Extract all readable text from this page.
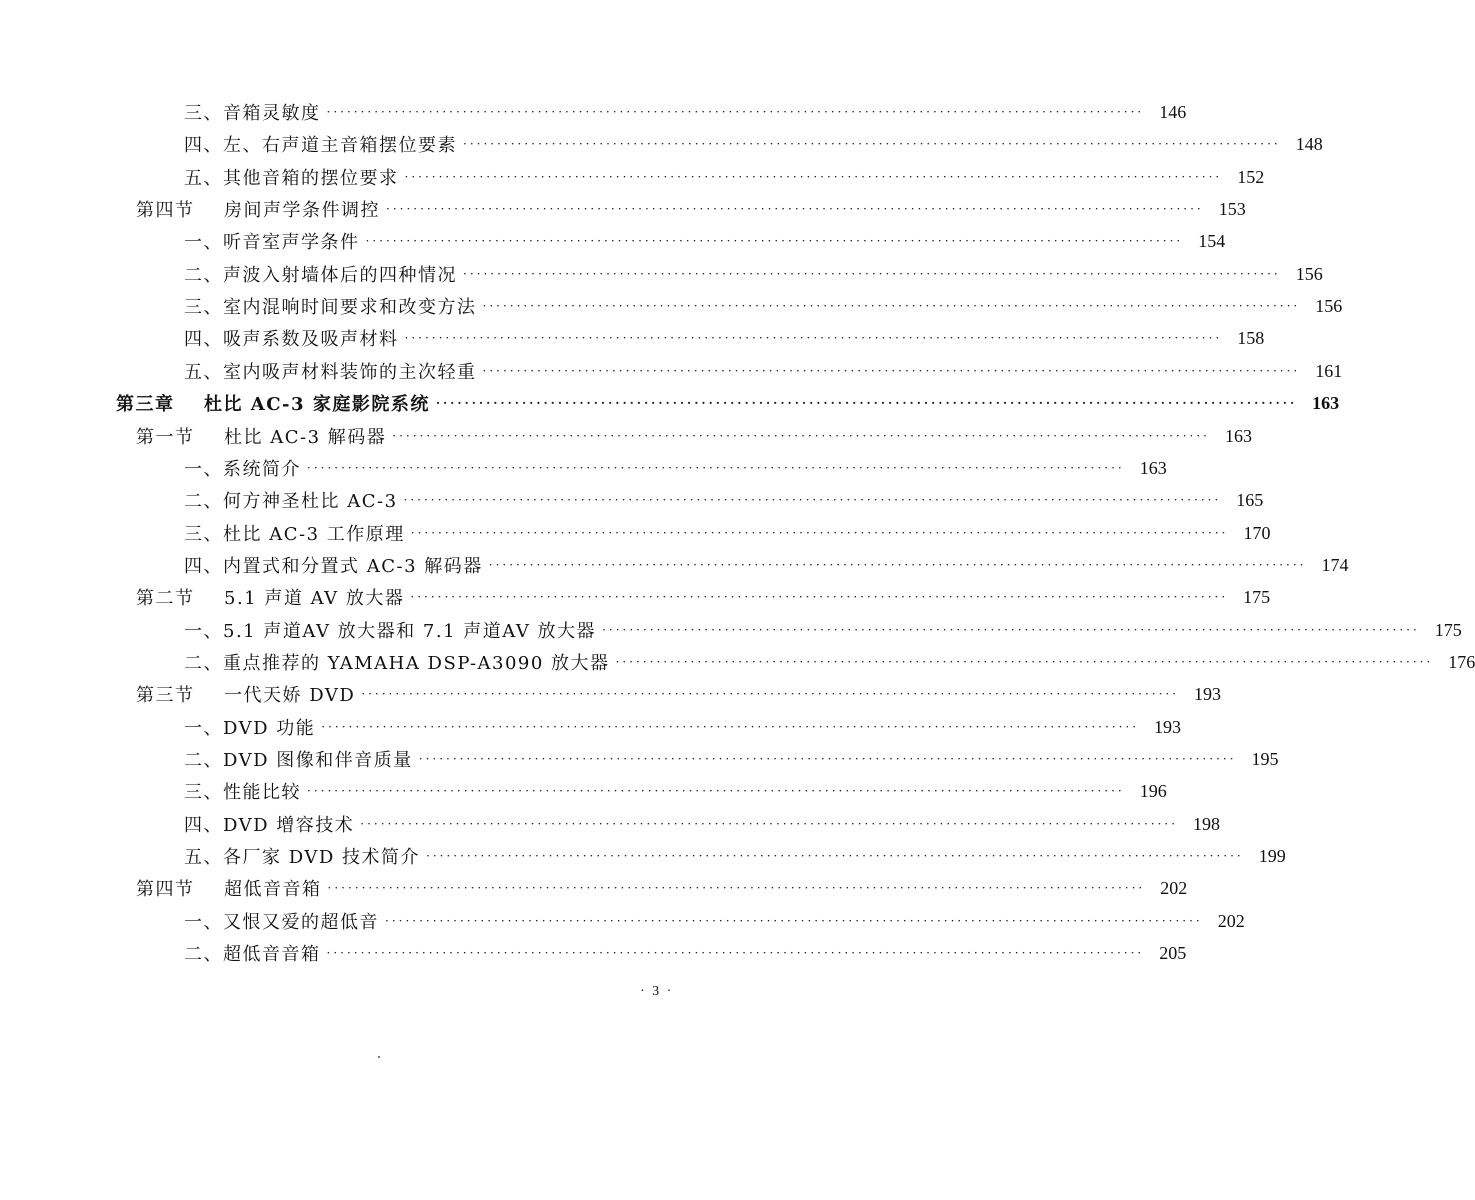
三、音箱灵敏度 ························································································································ 146
四、左、右声道主音箱摆位要素 ························································································································ 148
五、其他音箱的摆位要求 ························································································································ 152
第四节 房间声学条件调控 ························································································································ 153
一、听音室声学条件 ························································································································ 154
二、声波入射墙体后的四种情况 ························································································································ 156
三、室内混响时间要求和改变方法 ························································································································ 156
四、吸声系数及吸声材料 ························································································································ 158
五、室内吸声材料装饰的主次轻重 ························································································································ 161
第三章 杜比 AC-3 家庭影院系统 ························································································································ 163
第一节 杜比 AC-3 解码器 ························································································································ 163
一、系统简介 ························································································································ 163
二、何方神圣杜比 AC-3 ························································································································ 165
三、杜比 AC-3 工作原理 ························································································································ 170
四、内置式和分置式 AC-3 解码器 ························································································································ 174
第二节 5.1 声道 AV 放大器 ························································································································ 175
一、5.1 声道AV 放大器和 7.1 声道AV 放大器 ························································································································ 175
二、重点推荐的 YAMAHA DSP-A3090 放大器 ························································································································ 176
第三节 一代天娇 DVD ························································································································ 193
一、DVD 功能 ························································································································ 193
二、DVD 图像和伴音质量 ························································································································ 195
三、性能比较 ························································································································ 196
四、DVD 增容技术 ························································································································ 198
五、各厂家 DVD 技术简介 ························································································································ 199
第四节 超低音音箱 ························································································································ 202
一、又恨又爱的超低音 ························································································································ 202
二、超低音音箱 ························································································································ 205
· 3 ·
